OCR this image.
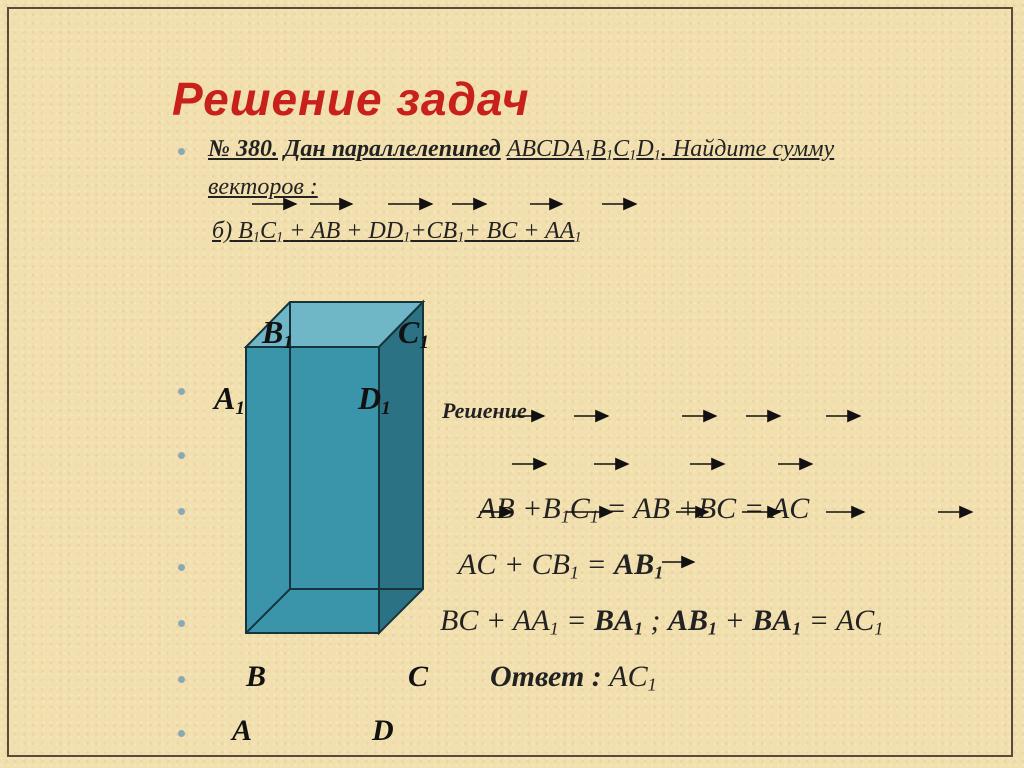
Решение задач
№ 380. Дан параллелепипед $ABCDA_1B_1C_1D_1$. Найдите сумму
векторов :
б) $B_1C_1$ + AB + $DD_1+CB_1+$ BC + $AA_1$
$B_1$	$C_1$
$A_1$	$D_1$
B	C
A	D
Решение
AB $+B_1C_1$ = AB +BC = AC
AC + $CB_1 = AB_1$
BC + $AA_1 = BA_1$ ; $AB_1 + BA_1 = AC_1$
Ответ : $AC_1$
